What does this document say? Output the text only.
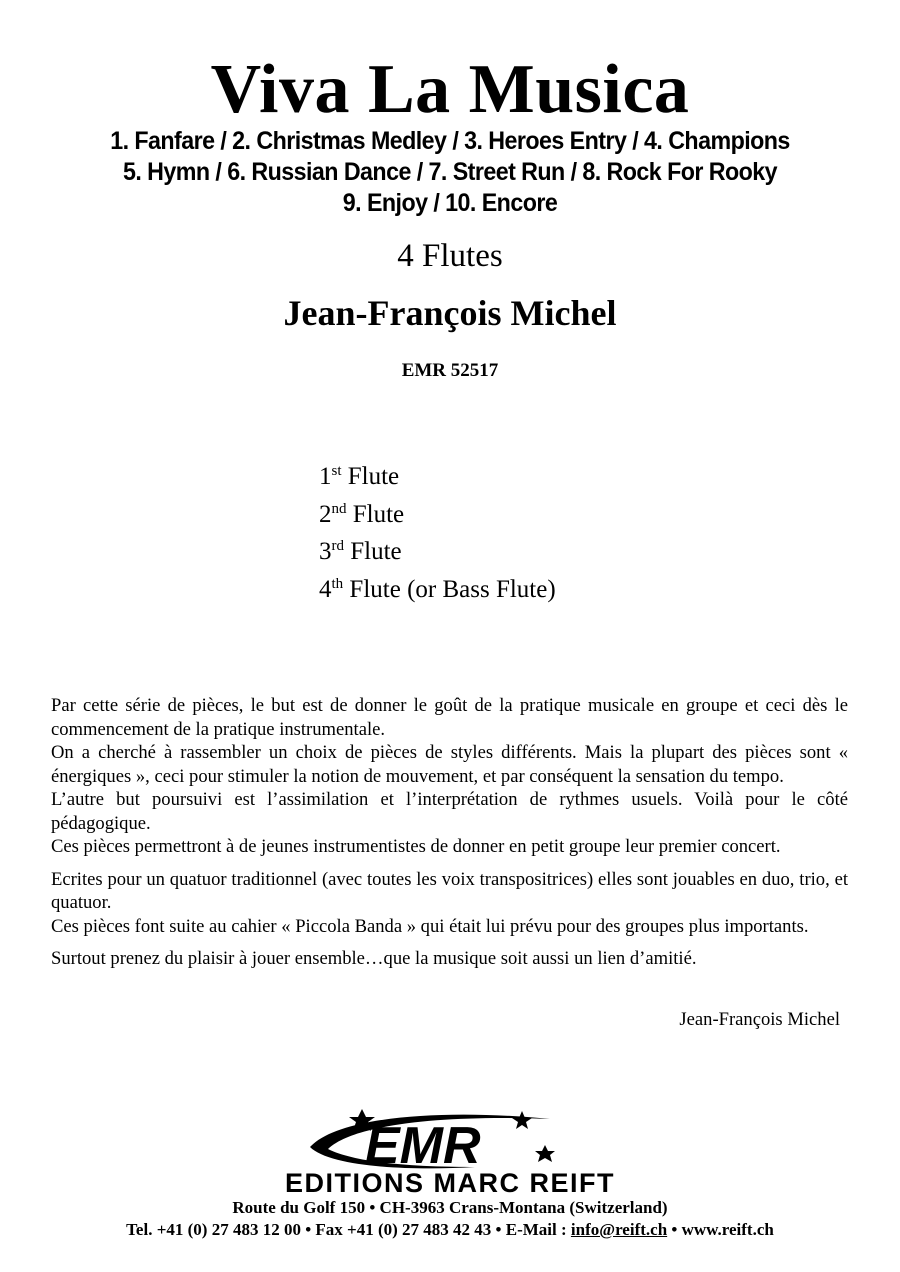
Viva La Musica
1. Fanfare / 2. Christmas Medley / 3. Heroes Entry / 4. Champions
5. Hymn / 6. Russian Dance / 7. Street Run / 8. Rock For Rooky
9. Enjoy / 10. Encore
4 Flutes
Jean-François Michel
EMR 52517
1st Flute
2nd Flute
3rd Flute
4th Flute (or Bass Flute)

Par cette série de pièces, le but est de donner le goût de la pratique musicale en groupe et ceci dès le commencement de la pratique instrumentale.

On a cherché à rassembler un choix de pièces de styles différents. Mais la plupart des pièces sont « énergiques », ceci pour stimuler la notion de mouvement, et par conséquent la sensation du tempo.

L’autre but poursuivi est l’assimilation et l’interprétation de rythmes usuels. Voilà pour le côté pédagogique.

Ces pièces permettront à de jeunes instrumentistes de donner en petit groupe leur premier concert.

Ecrites pour un quatuor traditionnel (avec toutes les voix transpositrices) elles sont jouables en duo, trio, et quatuor.

Ces pièces font suite au cahier « Piccola Banda » qui était lui prévu pour des groupes plus importants.

Surtout prenez du plaisir à jouer ensemble…que la musique soit aussi un lien d’amitié.

Jean-François Michel
EMR
EDITIONS MARC REIFT
Route du Golf 150 • CH-3963 Crans-Montana (Switzerland)
Tel. +41 (0) 27 483 12 00 • Fax +41 (0) 27 483 42 43 • E-Mail : info@reift.ch • www.reift.ch
